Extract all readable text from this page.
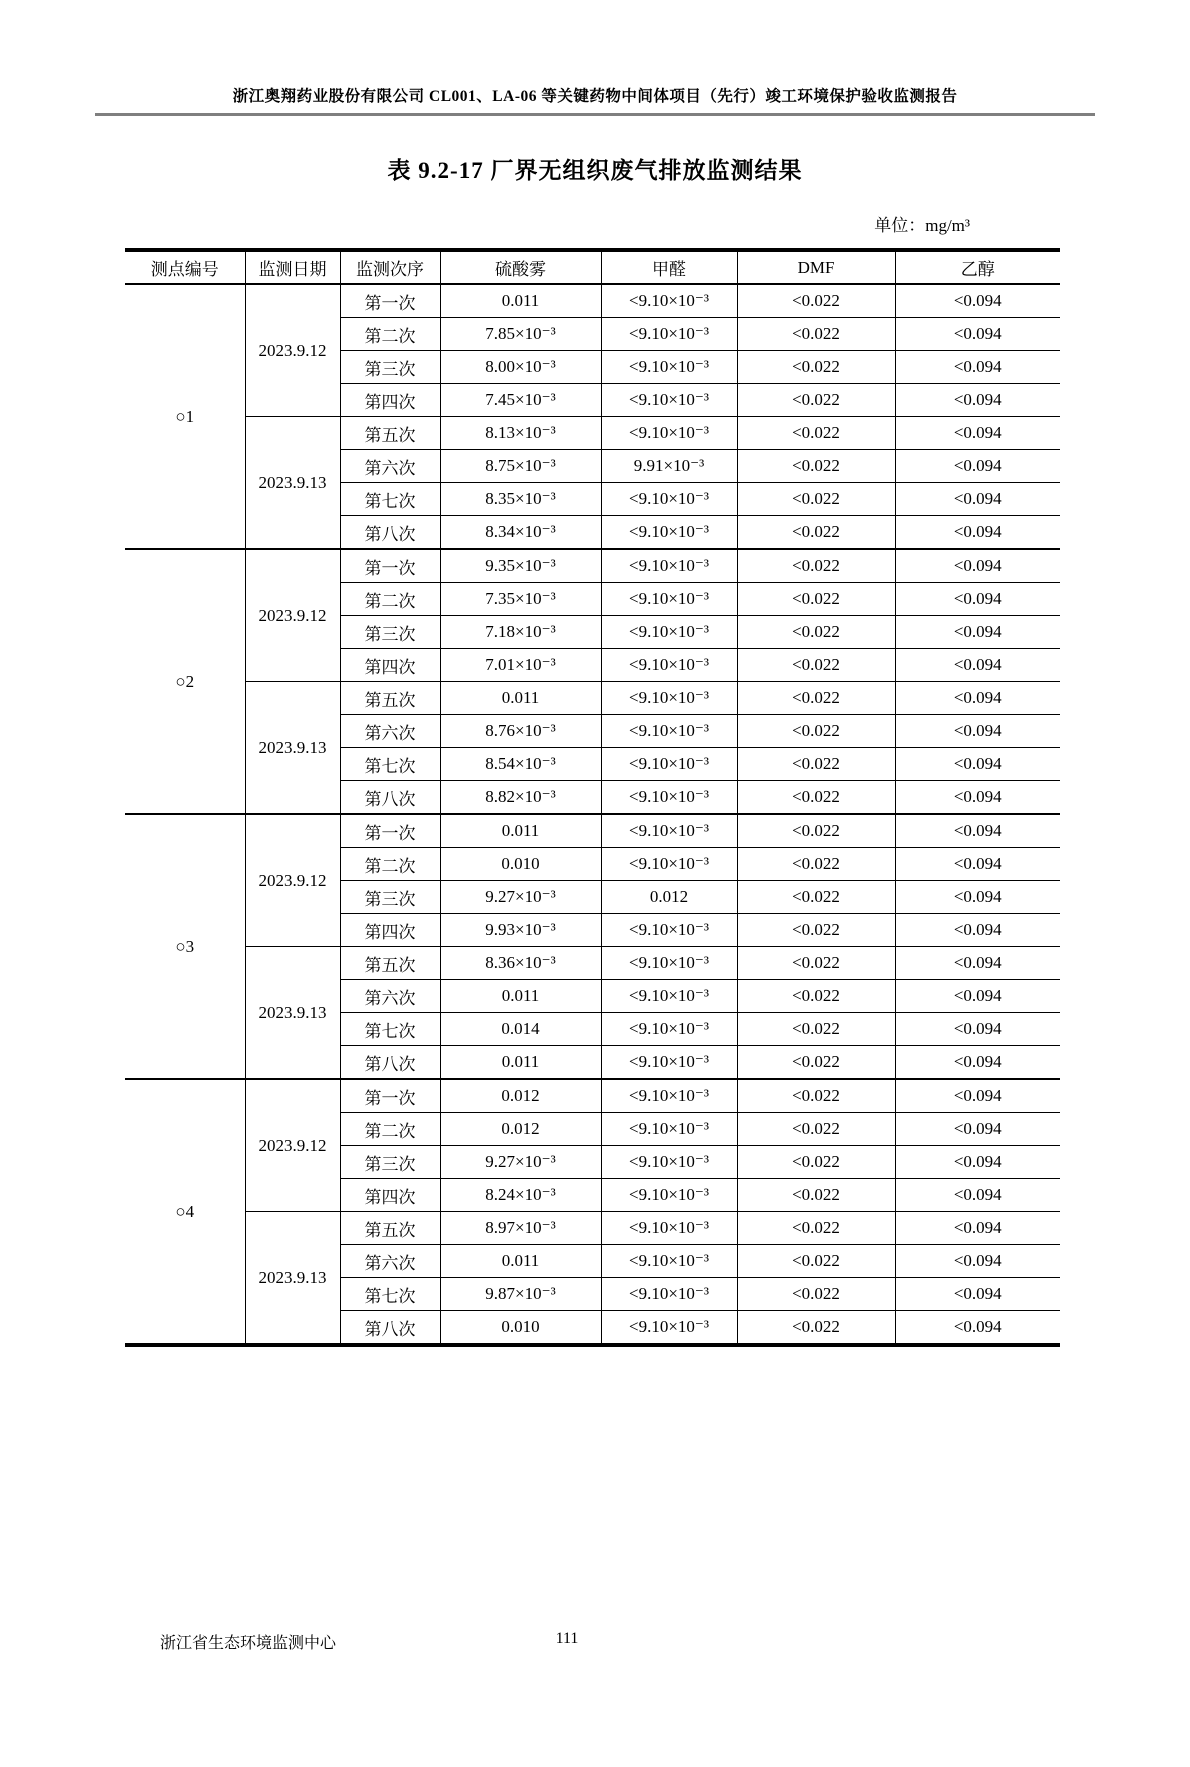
浙江奥翔药业股份有限公司 CL001、LA-06 等关键药物中间体项目（先行）竣工环境保护验收监测报告
表 9.2-17 厂界无组织废气排放监测结果
单位：mg/m³
测点编号	监测日期	监测次序	硫酸雾	甲醛	DMF	乙醇
○1	2023.9.12	第一次	0.011	<9.10×10⁻³	<0.022	<0.094
		第二次	7.85×10⁻³	<9.10×10⁻³	<0.022	<0.094
		第三次	8.00×10⁻³	<9.10×10⁻³	<0.022	<0.094
		第四次	7.45×10⁻³	<9.10×10⁻³	<0.022	<0.094
	2023.9.13	第五次	8.13×10⁻³	<9.10×10⁻³	<0.022	<0.094
		第六次	8.75×10⁻³	9.91×10⁻³	<0.022	<0.094
		第七次	8.35×10⁻³	<9.10×10⁻³	<0.022	<0.094
		第八次	8.34×10⁻³	<9.10×10⁻³	<0.022	<0.094
○2	2023.9.12	第一次	9.35×10⁻³	<9.10×10⁻³	<0.022	<0.094
		第二次	7.35×10⁻³	<9.10×10⁻³	<0.022	<0.094
		第三次	7.18×10⁻³	<9.10×10⁻³	<0.022	<0.094
		第四次	7.01×10⁻³	<9.10×10⁻³	<0.022	<0.094
	2023.9.13	第五次	0.011	<9.10×10⁻³	<0.022	<0.094
		第六次	8.76×10⁻³	<9.10×10⁻³	<0.022	<0.094
		第七次	8.54×10⁻³	<9.10×10⁻³	<0.022	<0.094
		第八次	8.82×10⁻³	<9.10×10⁻³	<0.022	<0.094
○3	2023.9.12	第一次	0.011	<9.10×10⁻³	<0.022	<0.094
		第二次	0.010	<9.10×10⁻³	<0.022	<0.094
		第三次	9.27×10⁻³	0.012	<0.022	<0.094
		第四次	9.93×10⁻³	<9.10×10⁻³	<0.022	<0.094
	2023.9.13	第五次	8.36×10⁻³	<9.10×10⁻³	<0.022	<0.094
		第六次	0.011	<9.10×10⁻³	<0.022	<0.094
		第七次	0.014	<9.10×10⁻³	<0.022	<0.094
		第八次	0.011	<9.10×10⁻³	<0.022	<0.094
○4	2023.9.12	第一次	0.012	<9.10×10⁻³	<0.022	<0.094
		第二次	0.012	<9.10×10⁻³	<0.022	<0.094
		第三次	9.27×10⁻³	<9.10×10⁻³	<0.022	<0.094
		第四次	8.24×10⁻³	<9.10×10⁻³	<0.022	<0.094
	2023.9.13	第五次	8.97×10⁻³	<9.10×10⁻³	<0.022	<0.094
		第六次	0.011	<9.10×10⁻³	<0.022	<0.094
		第七次	9.87×10⁻³	<9.10×10⁻³	<0.022	<0.094
		第八次	0.010	<9.10×10⁻³	<0.022	<0.094
浙江省生态环境监测中心	111
